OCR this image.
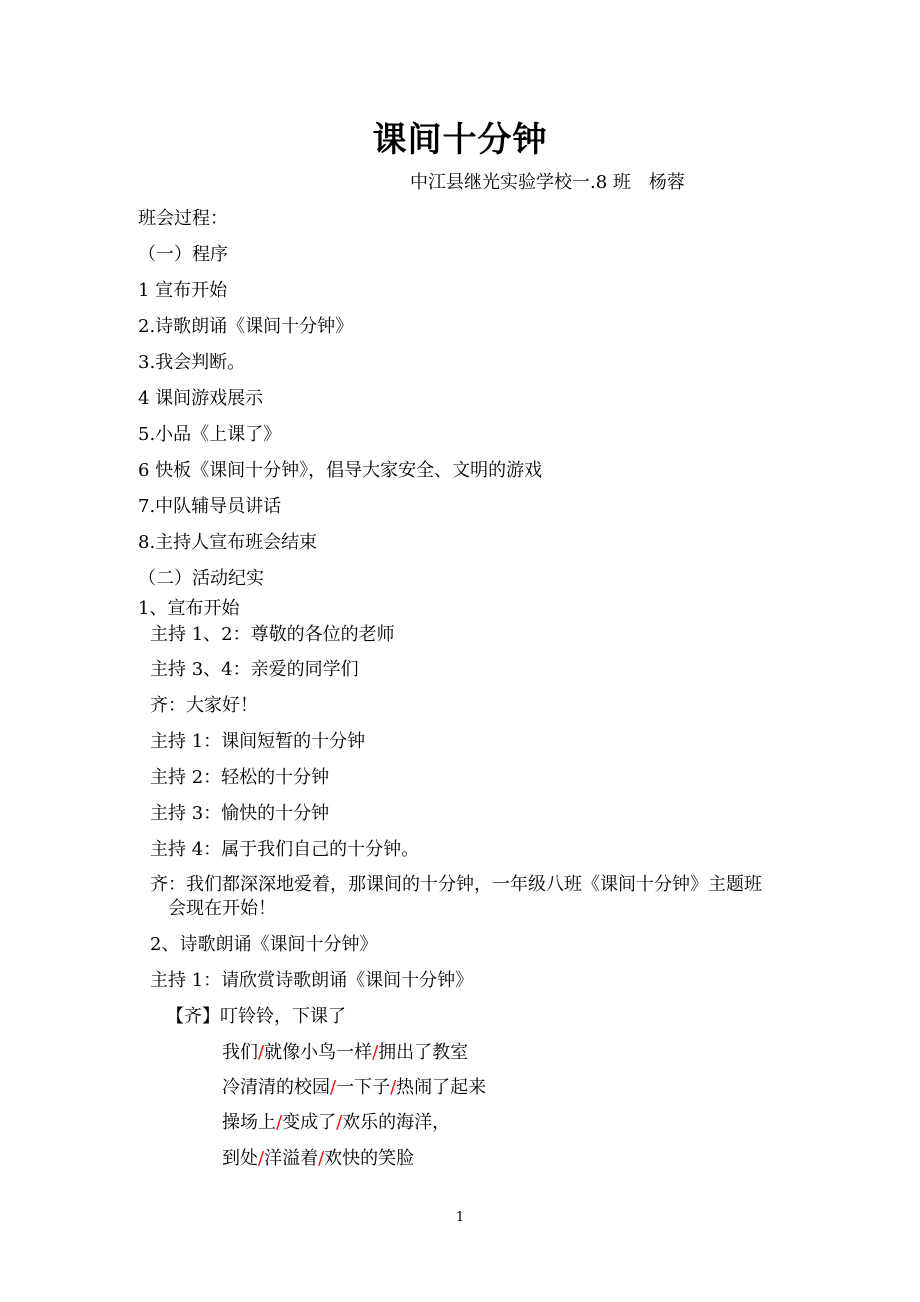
课间十分钟
中江县继光实验学校一.8 班　杨蓉
班会过程：
（一）程序
1 宣布开始
2.诗歌朗诵《课间十分钟》
3.我会判断。
4 课间游戏展示
5.小品《上课了》
6 快板《课间十分钟》，倡导大家安全、文明的游戏
7.中队辅导员讲话
8.主持人宣布班会结束
（二）活动纪实
1、宣布开始
主持 1、2：尊敬的各位的老师
主持 3、4：亲爱的同学们
齐：大家好！
主持 1：课间短暂的十分钟
主持 2：轻松的十分钟
主持 3：愉快的十分钟
主持 4：属于我们自己的十分钟。
齐：我们都深深地爱着，那课间的十分钟，一年级八班《课间十分钟》主题班
会现在开始！
2、诗歌朗诵《课间十分钟》
主持 1：请欣赏诗歌朗诵《课间十分钟》
【齐】叮铃铃，下课了
我们/就像小鸟一样/拥出了教室
冷清清的校园/一下子/热闹了起来
操场上/变成了/欢乐的海洋，
到处/洋溢着/欢快的笑脸
1
